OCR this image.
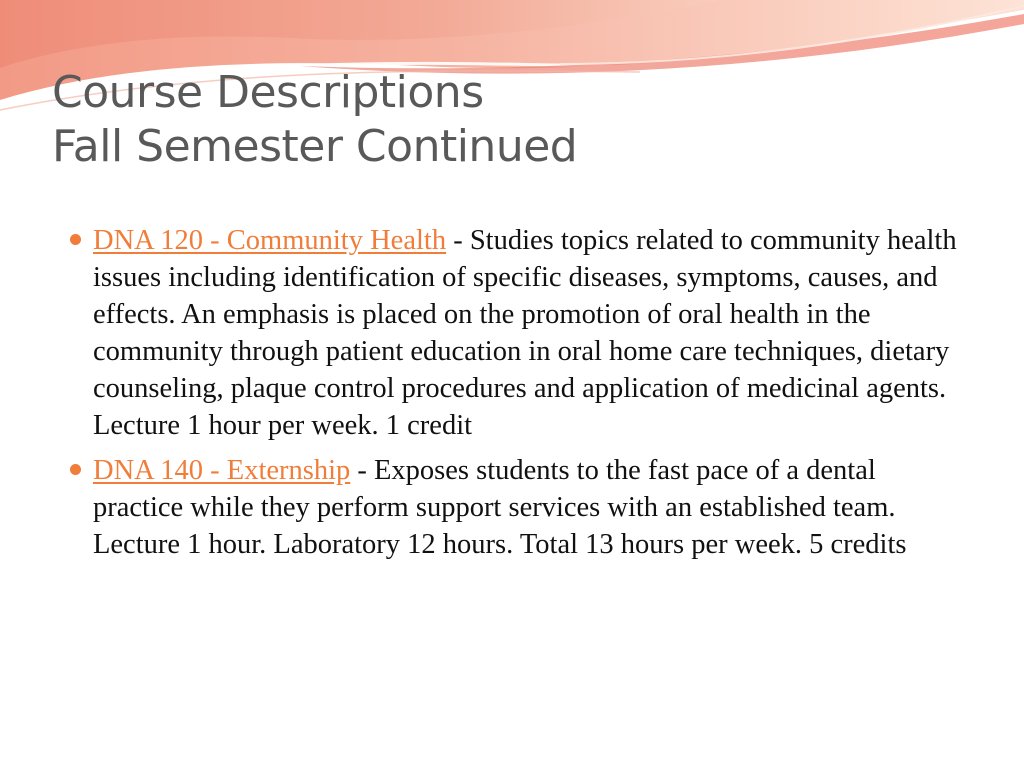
Course Descriptions
Fall Semester Continued
DNA 120 - Community Health - Studies topics related to community health issues including identification of specific diseases, symptoms, causes, and effects. An emphasis is placed on the promotion of oral health in the community through patient education in oral home care techniques, dietary counseling, plaque control procedures and application of medicinal agents. Lecture 1 hour per week. 1 credit
DNA 140 - Externship - Exposes students to the fast pace of a dental practice while they perform support services with an established team. Lecture 1 hour. Laboratory 12 hours. Total 13 hours per week. 5 credits
